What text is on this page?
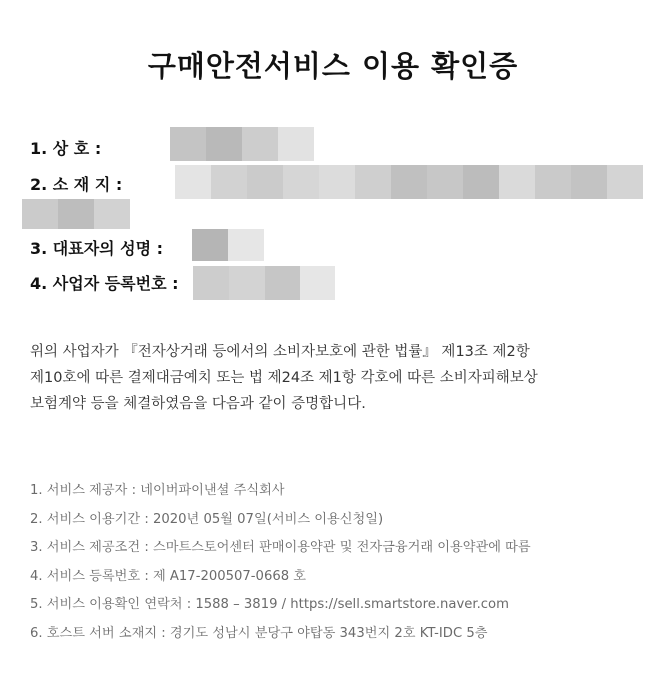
구매안전서비스 이용 확인증
1. 상 호 :
2. 소 재 지 :
3. 대표자의 성명 :
4. 사업자 등록번호 :

위의 사업자가 『전자상거래 등에서의 소비자보호에 관한 법률』 제13조 제2항

제10호에 따른 결제대금예치 또는 법 제24조 제1항 각호에 따른 소비자피해보상

보험계약 등을 체결하였음을 다음과 같이 증명합니다.

1. 서비스 제공자 : 네이버파이낸셜 주식회사
2. 서비스 이용기간 : 2020년 05월 07일(서비스 이용신청일)
3. 서비스 제공조건 : 스마트스토어센터 판매이용약관 및 전자금융거래 이용약관에 따름
4. 서비스 등록번호 : 제 A17-200507-0668 호
5. 서비스 이용확인 연락처 : 1588 – 3819 / https://sell.smartstore.naver.com
6. 호스트 서버 소재지 : 경기도 성남시 분당구 야탑동 343번지 2호 KT-IDC 5층
